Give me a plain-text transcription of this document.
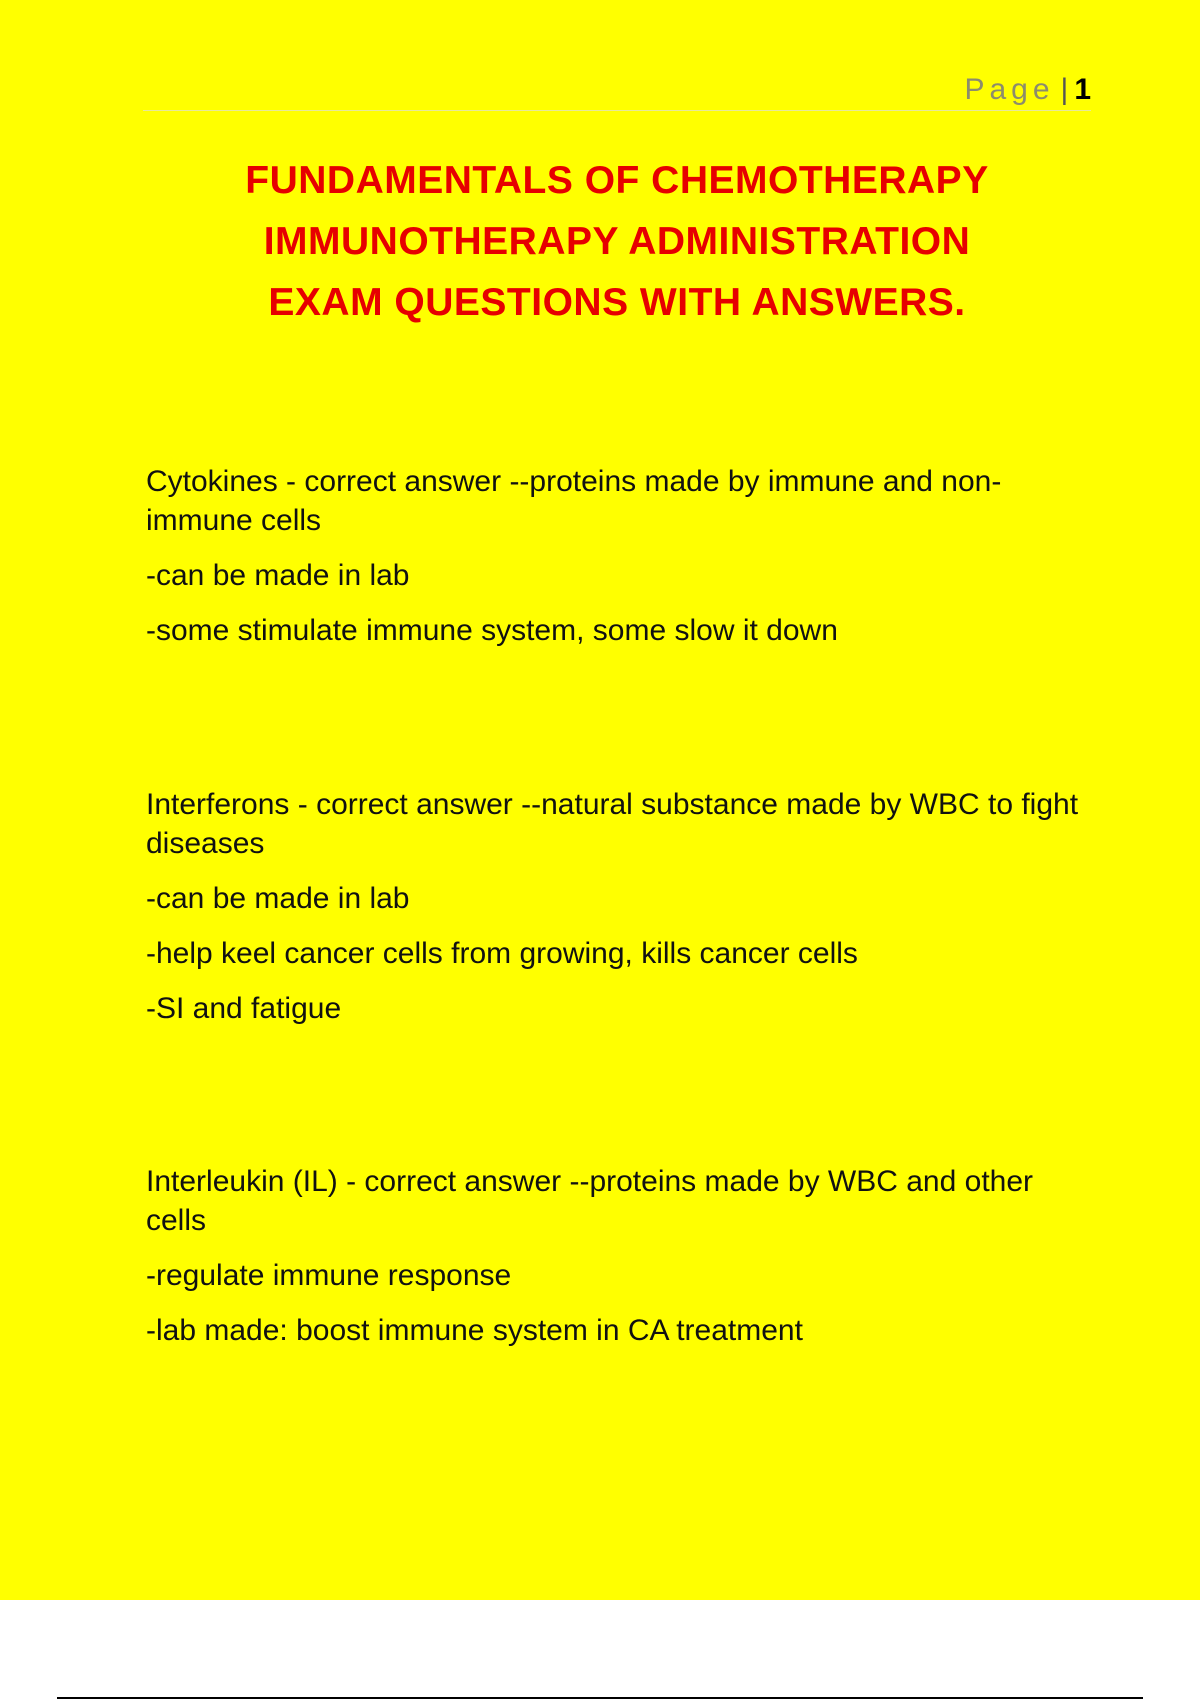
Page | 1
FUNDAMENTALS OF CHEMOTHERAPY
IMMUNOTHERAPY ADMINISTRATION
EXAM QUESTIONS WITH ANSWERS.

Cytokines - correct answer --proteins made by immune and non-immune cells

-can be made in lab

-some stimulate immune system, some slow it down

Interferons - correct answer --natural substance made by WBC to fight diseases

-can be made in lab

-help keel cancer cells from growing, kills cancer cells

-SI and fatigue

Interleukin (IL) - correct answer --proteins made by WBC and other cells

-regulate immune response

-lab made: boost immune system in CA treatment
